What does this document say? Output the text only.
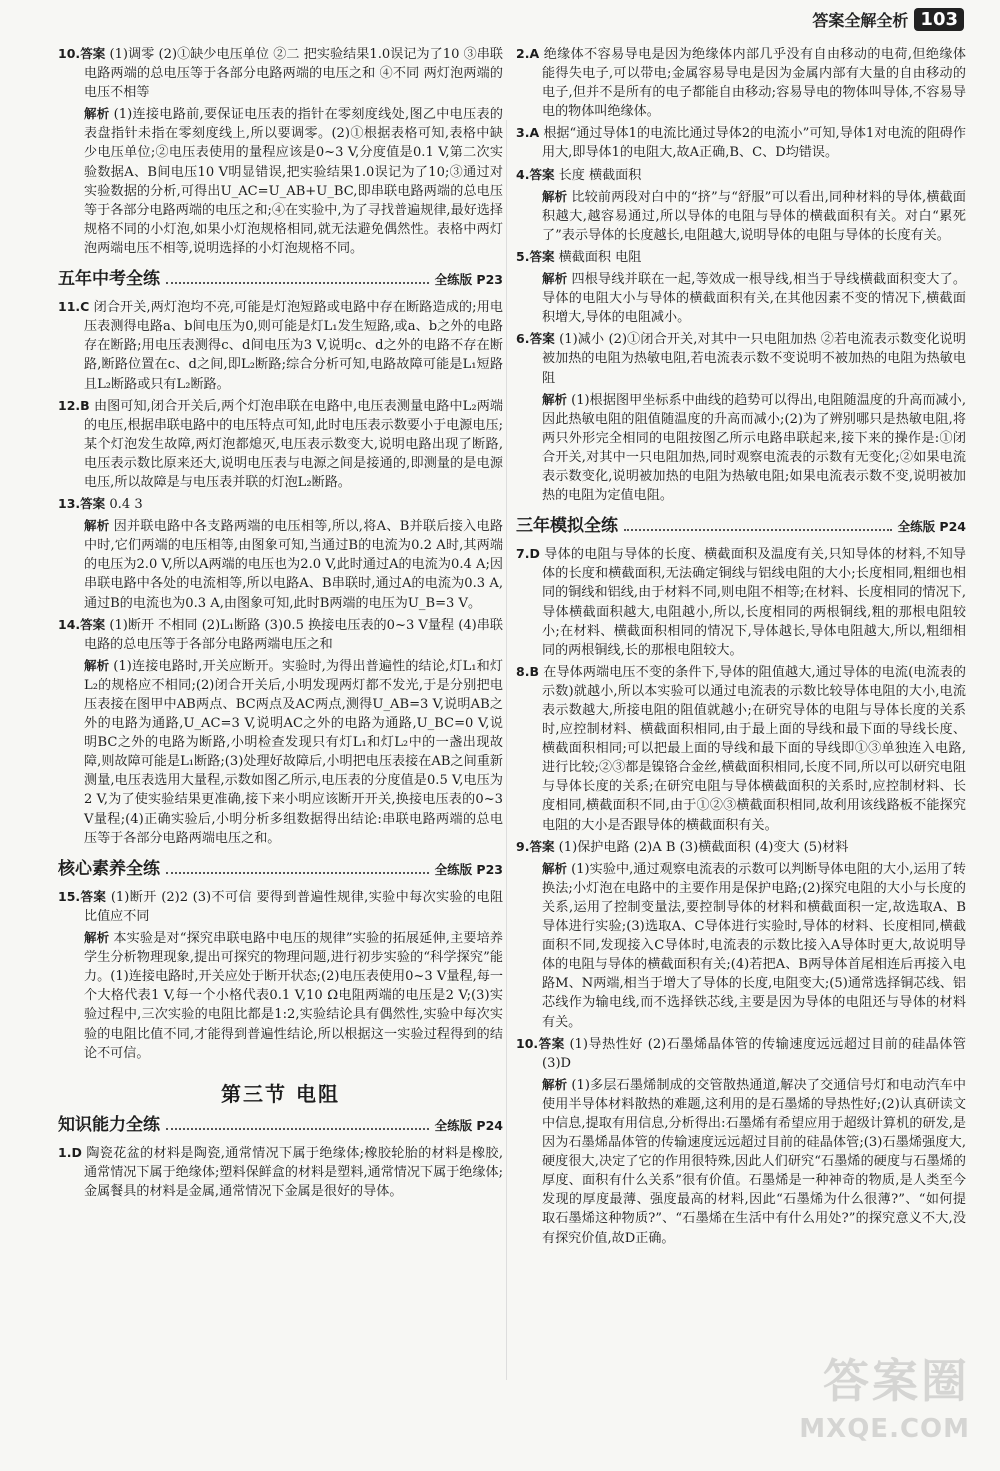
答案全解全析 103

10.答案 (1)调零 (2)①缺少电压单位 ②二 把实验结果1.0误记为了10 ③串联电路两端的总电压等于各部分电路两端的电压之和 ④不同 两灯泡两端的电压不相等

解析 (1)连接电路前,要保证电压表的指针在零刻度线处,图乙中电压表的表盘指针未指在零刻度线上,所以要调零。(2)①根据表格可知,表格中缺少电压单位;②电压表使用的量程应该是0~3 V,分度值是0.1 V,第二次实验数据A、B间电压10 V明显错误,把实验结果1.0误记为了10;③通过对实验数据的分析,可得出U_AC=U_AB+U_BC,即串联电路两端的总电压等于各部分电路两端的电压之和;④在实验中,为了寻找普遍规律,最好选择规格不同的小灯泡,如果小灯泡规格相同,就无法避免偶然性。表格中两灯泡两端电压不相等,说明选择的小灯泡规格不同。

五年中考全练	全练版 P23

11.C 闭合开关,两灯泡均不亮,可能是灯泡短路或电路中存在断路造成的;用电压表测得电路a、b间电压为0,则可能是灯L₁发生短路,或a、b之外的电路存在断路;用电压表测得c、d间电压为3 V,说明c、d之外的电路不存在断路,断路位置在c、d之间,即L₂断路;综合分析可知,电路故障可能是L₁短路且L₂断路或只有L₂断路。

12.B 由图可知,闭合开关后,两个灯泡串联在电路中,电压表测量电路中L₂两端的电压,根据串联电路中的电压特点可知,此时电压表示数要小于电源电压;某个灯泡发生故障,两灯泡都熄灭,电压表示数变大,说明电路出现了断路,电压表示数比原来还大,说明电压表与电源之间是接通的,即测量的是电源电压,所以故障是与电压表并联的灯泡L₂断路。

13.答案 0.4 3

解析 因并联电路中各支路两端的电压相等,所以,将A、B并联后接入电路中时,它们两端的电压相等,由图象可知,当通过B的电流为0.2 A时,其两端的电压为2.0 V,所以A两端的电压也为2.0 V,此时通过A的电流为0.4 A;因串联电路中各处的电流相等,所以电路A、B串联时,通过A的电流为0.3 A,通过B的电流也为0.3 A,由图象可知,此时B两端的电压为U_B=3 V。

14.答案 (1)断开 不相同 (2)L₁断路 (3)0.5 换接电压表的0~3 V量程 (4)串联电路的总电压等于各部分电路两端电压之和

解析 (1)连接电路时,开关应断开。实验时,为得出普遍性的结论,灯L₁和灯L₂的规格应不相同;(2)闭合开关后,小明发现两灯都不发光,于是分别把电压表接在图甲中AB两点、BC两点及AC两点,测得U_AB=3 V,说明AB之外的电路为通路,U_AC=3 V,说明AC之外的电路为通路,U_BC=0 V,说明BC之外的电路为断路,小明检查发现只有灯L₁和灯L₂中的一盏出现故障,则故障可能是L₁断路;(3)处理好故障后,小明把电压表接在AB之间重新测量,电压表选用大量程,示数如图乙所示,电压表的分度值是0.5 V,电压为2 V,为了使实验结果更准确,接下来小明应该断开开关,换接电压表的0~3 V量程;(4)正确实验后,小明分析多组数据得出结论:串联电路两端的总电压等于各部分电路两端电压之和。

核心素养全练	全练版 P23

15.答案 (1)断开 (2)2 (3)不可信 要得到普遍性规律,实验中每次实验的电阻比值应不同

解析 本实验是对“探究串联电路中电压的规律”实验的拓展延伸,主要培养学生分析物理现象,提出可探究的物理问题,进行初步实验的“科学探究”能力。(1)连接电路时,开关应处于断开状态;(2)电压表使用0~3 V量程,每一个大格代表1 V,每一个小格代表0.1 V,10 Ω电阻两端的电压是2 V;(3)实验过程中,三次实验的电阻比都是1:2,实验结论具有偶然性,实验中每次实验的电阻比值不同,才能得到普遍性结论,所以根据这一实验过程得到的结论不可信。

第三节 电阻
知识能力全练	全练版 P24

1.D 陶瓷花盆的材料是陶瓷,通常情况下属于绝缘体;橡胶轮胎的材料是橡胶,通常情况下属于绝缘体;塑料保鲜盒的材料是塑料,通常情况下属于绝缘体;金属餐具的材料是金属,通常情况下金属是很好的导体。

2.A 绝缘体不容易导电是因为绝缘体内部几乎没有自由移动的电荷,但绝缘体能得失电子,可以带电;金属容易导电是因为金属内部有大量的自由移动的电子,但并不是所有的电子都能自由移动;容易导电的物体叫导体,不容易导电的物体叫绝缘体。

3.A 根据“通过导体1的电流比通过导体2的电流小”可知,导体1对电流的阻碍作用大,即导体1的电阻大,故A正确,B、C、D均错误。

4.答案 长度 横截面积

解析 比较前两段对白中的“挤”与“舒服”可以看出,同种材料的导体,横截面积越大,越容易通过,所以导体的电阻与导体的横截面积有关。对白“累死了”表示导体的长度越长,电阻越大,说明导体的电阻与导体的长度有关。

5.答案 横截面积 电阻

解析 四根导线并联在一起,等效成一根导线,相当于导线横截面积变大了。导体的电阻大小与导体的横截面积有关,在其他因素不变的情况下,横截面积增大,导体的电阻减小。

6.答案 (1)减小 (2)①闭合开关,对其中一只电阻加热 ②若电流表示数变化说明被加热的电阻为热敏电阻,若电流表示数不变说明不被加热的电阻为热敏电阻

解析 (1)根据图甲坐标系中曲线的趋势可以得出,电阻随温度的升高而减小,因此热敏电阻的阻值随温度的升高而减小;(2)为了辨别哪只是热敏电阻,将两只外形完全相同的电阻按图乙所示电路串联起来,接下来的操作是:①闭合开关,对其中一只电阻加热,同时观察电流表的示数有无变化;②如果电流表示数变化,说明被加热的电阻为热敏电阻;如果电流表示数不变,说明被加热的电阻为定值电阻。

三年模拟全练	全练版 P24

7.D 导体的电阻与导体的长度、横截面积及温度有关,只知导体的材料,不知导体的长度和横截面积,无法确定铜线与铝线电阻的大小;长度相同,粗细也相同的铜线和铝线,由于材料不同,则电阻不相等;在材料、长度相同的情况下,导体横截面积越大,电阻越小,所以,长度相同的两根铜线,粗的那根电阻较小;在材料、横截面积相同的情况下,导体越长,导体电阻越大,所以,粗细相同的两根铜线,长的那根电阻较大。

8.B 在导体两端电压不变的条件下,导体的阻值越大,通过导体的电流(电流表的示数)就越小,所以本实验可以通过电流表的示数比较导体电阻的大小,电流表示数越大,所接电阻的阻值就越小;在研究导体的电阻与导体长度的关系时,应控制材料、横截面积相同,由于最上面的导线和最下面的导线长度、横截面积相同;可以把最上面的导线和最下面的导线即①③单独连入电路,进行比较;②③都是镍铬合金丝,横截面积相同,长度不同,所以可以研究电阻与导体长度的关系;在研究电阻与导体横截面积的关系时,应控制材料、长度相同,横截面积不同,由于①②③横截面积相同,故利用该线路板不能探究电阻的大小是否跟导体的横截面积有关。

9.答案 (1)保护电路 (2)A B (3)横截面积 (4)变大 (5)材料

解析 (1)实验中,通过观察电流表的示数可以判断导体电阻的大小,运用了转换法;小灯泡在电路中的主要作用是保护电路;(2)探究电阻的大小与长度的关系,运用了控制变量法,要控制导体的材料和横截面积一定,故选取A、B导体进行实验;(3)选取A、C导体进行实验时,导体的材料、长度相同,横截面积不同,发现接入C导体时,电流表的示数比接入A导体时更大,故说明导体的电阻与导体的横截面积有关;(4)若把A、B两导体首尾相连后再接入电路M、N两端,相当于增大了导体的长度,电阻变大;(5)通常选择铜芯线、铝芯线作为输电线,而不选择铁芯线,主要是因为导体的电阻还与导体的材料有关。

10.答案 (1)导热性好 (2)石墨烯晶体管的传输速度远远超过目前的硅晶体管 (3)D

解析 (1)多层石墨烯制成的交管散热通道,解决了交通信号灯和电动汽车中使用半导体材料散热的难题,这利用的是石墨烯的导热性好;(2)认真研读文中信息,提取有用信息,分析得出:石墨烯有希望应用于超级计算机的研发,是因为石墨烯晶体管的传输速度远远超过目前的硅晶体管;(3)石墨烯强度大,硬度很大,决定了它的作用很特殊,因此人们研究“石墨烯的硬度与石墨烯的厚度、面积有什么关系”很有价值。石墨烯是一种神奇的物质,是人类至今发现的厚度最薄、强度最高的材料,因此“石墨烯为什么很薄?”、“如何提取石墨烯这种物质?”、“石墨烯在生活中有什么用处?”的探究意义不大,没有探究价值,故D正确。

答案圈
MXQE.COM
